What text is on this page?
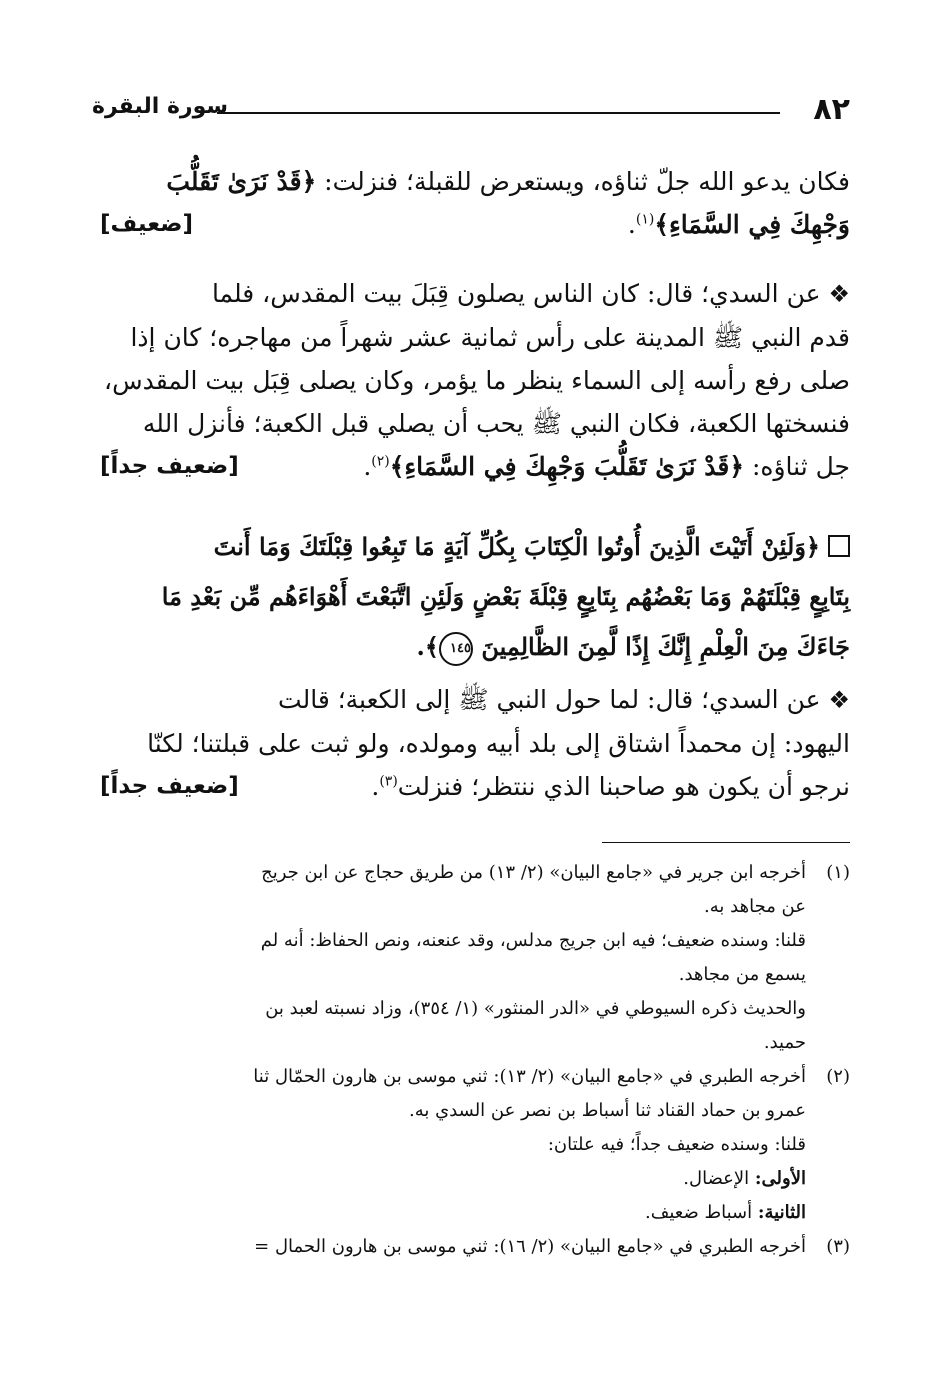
٨٢
سورة البقرة

فكان يدعو الله جلّ ثناؤه، ويستعرض للقبلة؛ فنزلت: ﴿قَدْ نَرَىٰ تَقَلُّبَ

وَجْهِكَ فِي السَّمَاءِ﴾$^{(١)}$.
[ضعيف]

❖ عن السدي؛ قال: كان الناس يصلون قِبَلَ بيت المقدس، فلما

قدم النبي ﷺ المدينة على رأس ثمانية عشر شهراً من مهاجره؛ كان إذا

صلى رفع رأسه إلى السماء ينظر ما يؤمر، وكان يصلى قِبَل بيت المقدس،

فنسختها الكعبة، فكان النبي ﷺ يحب أن يصلي قبل الكعبة؛ فأنزل الله

جل ثناؤه: ﴿قَدْ نَرَىٰ تَقَلُّبَ وَجْهِكَ فِي السَّمَاءِ﴾$^{(٢)}$.
[ضعيف جداً]

﴿وَلَئِنْ أَتَيْتَ الَّذِينَ أُوتُوا الْكِتَابَ بِكُلِّ آيَةٍ مَا تَبِعُوا قِبْلَتَكَ وَمَا أَنتَ

بِتَابِعٍ قِبْلَتَهُمْ وَمَا بَعْضُهُم بِتَابِعٍ قِبْلَةَ بَعْضٍ وَلَئِنِ اتَّبَعْتَ أَهْوَاءَهُم مِّن بَعْدِ مَا

جَاءَكَ مِنَ الْعِلْمِ إِنَّكَ إِذًا لَّمِنَ الظَّالِمِينَ ١٤٥﴾.

❖ عن السدي؛ قال: لما حول النبي ﷺ إلى الكعبة؛ قالت

اليهود: إن محمداً اشتاق إلى بلد أبيه ومولده، ولو ثبت على قبلتنا؛ لكنّا

نرجو أن يكون هو صاحبنا الذي ننتظر؛ فنزلت$^{(٣)}$.
[ضعيف جداً]

(١)

أخرجه ابن جرير في «جامع البيان» (٢/ ١٣) من طريق حجاج عن ابن جريج

عن مجاهد به.

قلنا: وسنده ضعيف؛ فيه ابن جريج مدلس، وقد عنعنه، ونص الحفاظ: أنه لم

يسمع من مجاهد.

والحديث ذكره السيوطي في «الدر المنثور» (١/ ٣٥٤)، وزاد نسبته لعبد بن

حميد.

(٢)

أخرجه الطبري في «جامع البيان» (٢/ ١٣): ثني موسى بن هارون الحمّال ثنا

عمرو بن حماد القناد ثنا أسباط بن نصر عن السدي به.

قلنا: وسنده ضعيف جداً؛ فيه علتان:

الأولى: الإعضال.

الثانية: أسباط ضعيف.

(٣)

أخرجه الطبري في «جامع البيان» (٢/ ١٦): ثني موسى بن هارون الحمال =
